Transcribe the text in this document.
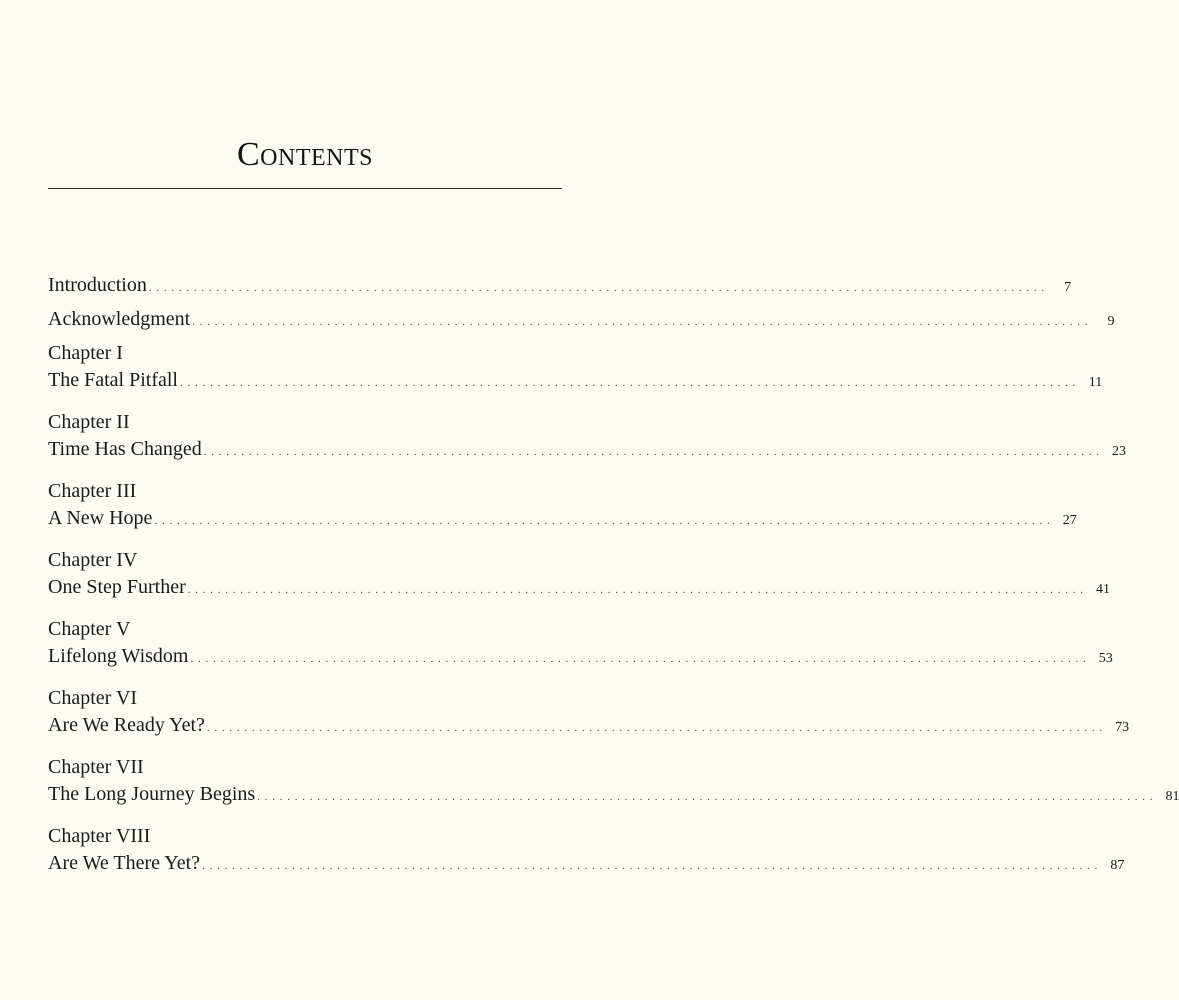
Contents
Introduction . . . . . . . . . . . . . . . . . . . . . . . . . . . . . . . . . . . . . . . . . . . . . . . . . . . . . . . . . . . . . . . . . . . . . . . . . . . . . . . . . . . . . . . . . . . . . . . . . . . . . . . . . . . . . . . . . . . . . . . .	7
Acknowledgment . . . . . . . . . . . . . . . . . . . . . . . . . . . . . . . . . . . . . . . . . . . . . . . . . . . . . . . . . . . . . . . . . . . . . . . . . . . . . . . . . . . . . . . . . . . . . . . . . . . . . . . . . . . . . . . . . . . . . . . .	9
Chapter I
The Fatal Pitfall . . . . . . . . . . . . . . . . . . . . . . . . . . . . . . . . . . . . . . . . . . . . . . . . . . . . . . . . . . . . . . . . . . . . . . . . . . . . . . . . . . . . . . . . . . . . . . . . . . . . . . . . . . . . . . . . . . . . . . . . 11
Chapter II
Time Has Changed . . . . . . . . . . . . . . . . . . . . . . . . . . . . . . . . . . . . . . . . . . . . . . . . . . . . . . . . . . . . . . . . . . . . . . . . . . . . . . . . . . . . . . . . . . . . . . . . . . . . . . . . . . . . . . . . . . . . . . . . 23
Chapter III
A New Hope . . . . . . . . . . . . . . . . . . . . . . . . . . . . . . . . . . . . . . . . . . . . . . . . . . . . . . . . . . . . . . . . . . . . . . . . . . . . . . . . . . . . . . . . . . . . . . . . . . . . . . . . . . . . . . . . . . . . . . . . 27
Chapter IV
One Step Further . . . . . . . . . . . . . . . . . . . . . . . . . . . . . . . . . . . . . . . . . . . . . . . . . . . . . . . . . . . . . . . . . . . . . . . . . . . . . . . . . . . . . . . . . . . . . . . . . . . . . . . . . . . . . . . . . . . . . . . . 41
Chapter V
Lifelong Wisdom . . . . . . . . . . . . . . . . . . . . . . . . . . . . . . . . . . . . . . . . . . . . . . . . . . . . . . . . . . . . . . . . . . . . . . . . . . . . . . . . . . . . . . . . . . . . . . . . . . . . . . . . . . . . . . . . . . . . . . . . 53
Chapter VI
Are We Ready Yet? . . . . . . . . . . . . . . . . . . . . . . . . . . . . . . . . . . . . . . . . . . . . . . . . . . . . . . . . . . . . . . . . . . . . . . . . . . . . . . . . . . . . . . . . . . . . . . . . . . . . . . . . . . . . . . . . . . . . . . . . 73
Chapter VII
The Long Journey Begins . . . . . . . . . . . . . . . . . . . . . . . . . . . . . . . . . . . . . . . . . . . . . . . . . . . . . . . . . . . . . . . . . . . . . . . . . . . . . . . . . . . . . . . . . . . . . . . . . . . . . . . . . . . . . . . . . . . . . . . . 81
Chapter VIII
Are We There Yet? . . . . . . . . . . . . . . . . . . . . . . . . . . . . . . . . . . . . . . . . . . . . . . . . . . . . . . . . . . . . . . . . . . . . . . . . . . . . . . . . . . . . . . . . . . . . . . . . . . . . . . . . . . . . . . . . . . . . . . . . 87
